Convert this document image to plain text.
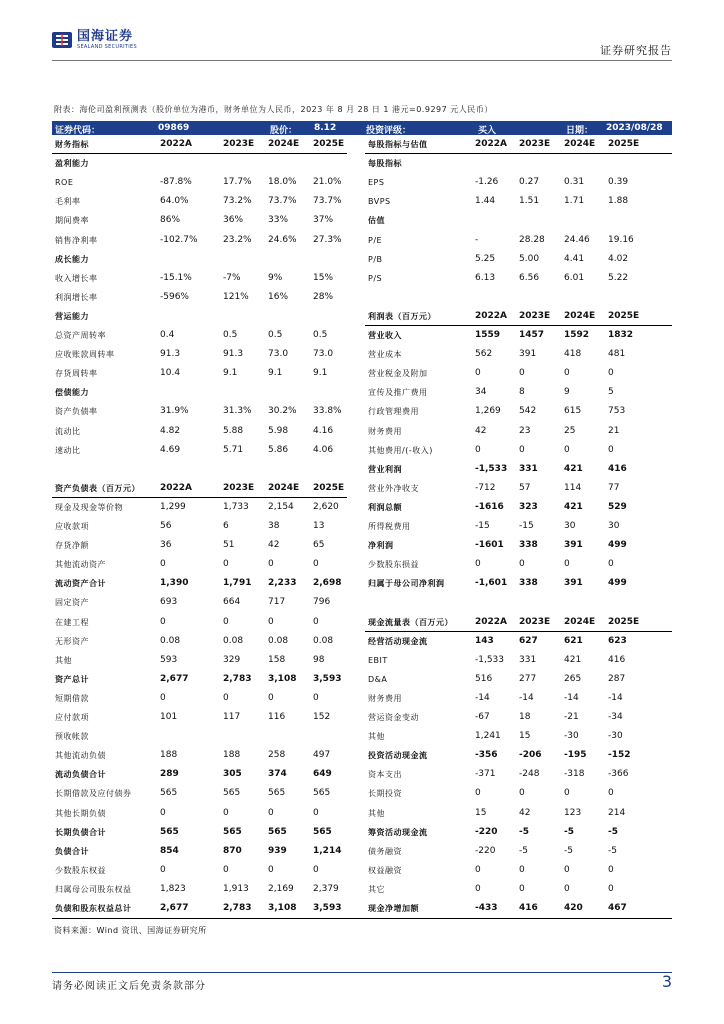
国海证券
SEALAND SECURITIES	证券研究报告
附表：海伦司盈利预测表（股价单位为港币，财务单位为人民币，2023 年 8 月 28 日 1 港元=0.9297 元人民币）
证券代码：	09869	股价： 8.12	投资评级：	买入	日期： 2023/08/28
财务指标	2022A	2023E 2024E 2025E
盈利能力
ROE	-87.8%	17.7% 18.0% 21.0%
毛利率	64.0%	73.2% 73.7% 73.7%
期间费率	86%	36%	33%	37%
销售净利率	-102.7%	23.2% 24.6% 27.3%
成长能力
收入增长率	-15.1%	-7%	9%	15%
利润增长率	-596%	121% 16%	28%
营运能力
总资产周转率	0.4	0.5	0.5	0.5
应收账款周转率	91.3	91.3	73.0	73.0
存货周转率	10.4	9.1	9.1	9.1
偿债能力
资产负债率	31.9%	31.3% 30.2% 33.8%
流动比	4.82	5.88	5.98	4.16
速动比	4.69	5.71	5.86	4.06
资产负债表（百万元） 2022A	2023E 2024E 2025E
现金及现金等价物	1,299	1,733 2,154 2,620
应收款项	56	6	38	13
存货净额	36	51	42	65
其他流动资产	0	0	0	0
流动资产合计	1,390	1,791 2,233 2,698
固定资产	693	664	717	796
在建工程	0	0	0	0
无形资产	0.08	0.08	0.08	0.08
其他	593	329	158	98
资产总计	2,677	2,783 3,108 3,593
短期借款	0	0	0	0
应付款项	101	117	116	152
预收帐款
其他流动负债	188	188	258	497
流动负债合计	289	305	374	649
长期借款及应付债券	565	565	565	565
其他长期负债	0	0	0	0
长期负债合计	565	565	565	565
负债合计	854	870	939	1,214
少数股东权益	0	0	0	0
归属母公司股东权益	1,823	1,913 2,169 2,379
负债和股东权益总计	2,677	2,783 3,108 3,593
每股指标与估值	2022A 2023E 2024E 2025E
每股指标
EPS	-1.26 0.27	0.31	0.39
BVPS	1.44	1.51	1.71	1.88
估值
P/E	-	28.28 24.46 19.16
P/B	5.25	5.00	4.41	4.02
P/S	6.13	6.56	6.01	5.22
利润表（百万元）	2022A 2023E 2024E 2025E
营业收入	1559 1457 1592 1832
营业成本	562	391	418	481
营业税金及附加	0	0	0	0
宣传及推广费用	34	8	9	5
行政管理费用	1,269 542	615	753
财务费用	42	23	25	21
其他费用/(-收入)	0	0	0	0
营业利润	-1,533 331	421	416
营业外净收支	-712	57	114	77
利润总额	-1616 323	421	529
所得税费用	-15	-15	30	30
净利润	-1601 338	391	499
少数股东损益	0	0	0	0
归属于母公司净利润	-1,601 338	391	499
现金流量表（百万元） 2022A 2023E 2024E 2025E
经营活动现金流	143	627	621	623
EBIT	-1,533 331	421	416
D&A	516	277	265	287
财务费用	-14	-14	-14	-14
营运资金变动	-67	18	-21	-34
其他	1,241 15	-30	-30
投资活动现金流	-356 -206 -195 -152
资本支出	-371	-248	-318	-366
长期投资	0	0	0	0
其他	15	42	123	214
筹资活动现金流	-220 -5	-5	-5
债务融资	-220	-5	-5	-5
权益融资	0	0	0	0
其它	0	0	0	0
现金净增加额	-433 416	420	467
资料来源：Wind 资讯、国海证券研究所
请务必阅读正文后免责条款部分	3
